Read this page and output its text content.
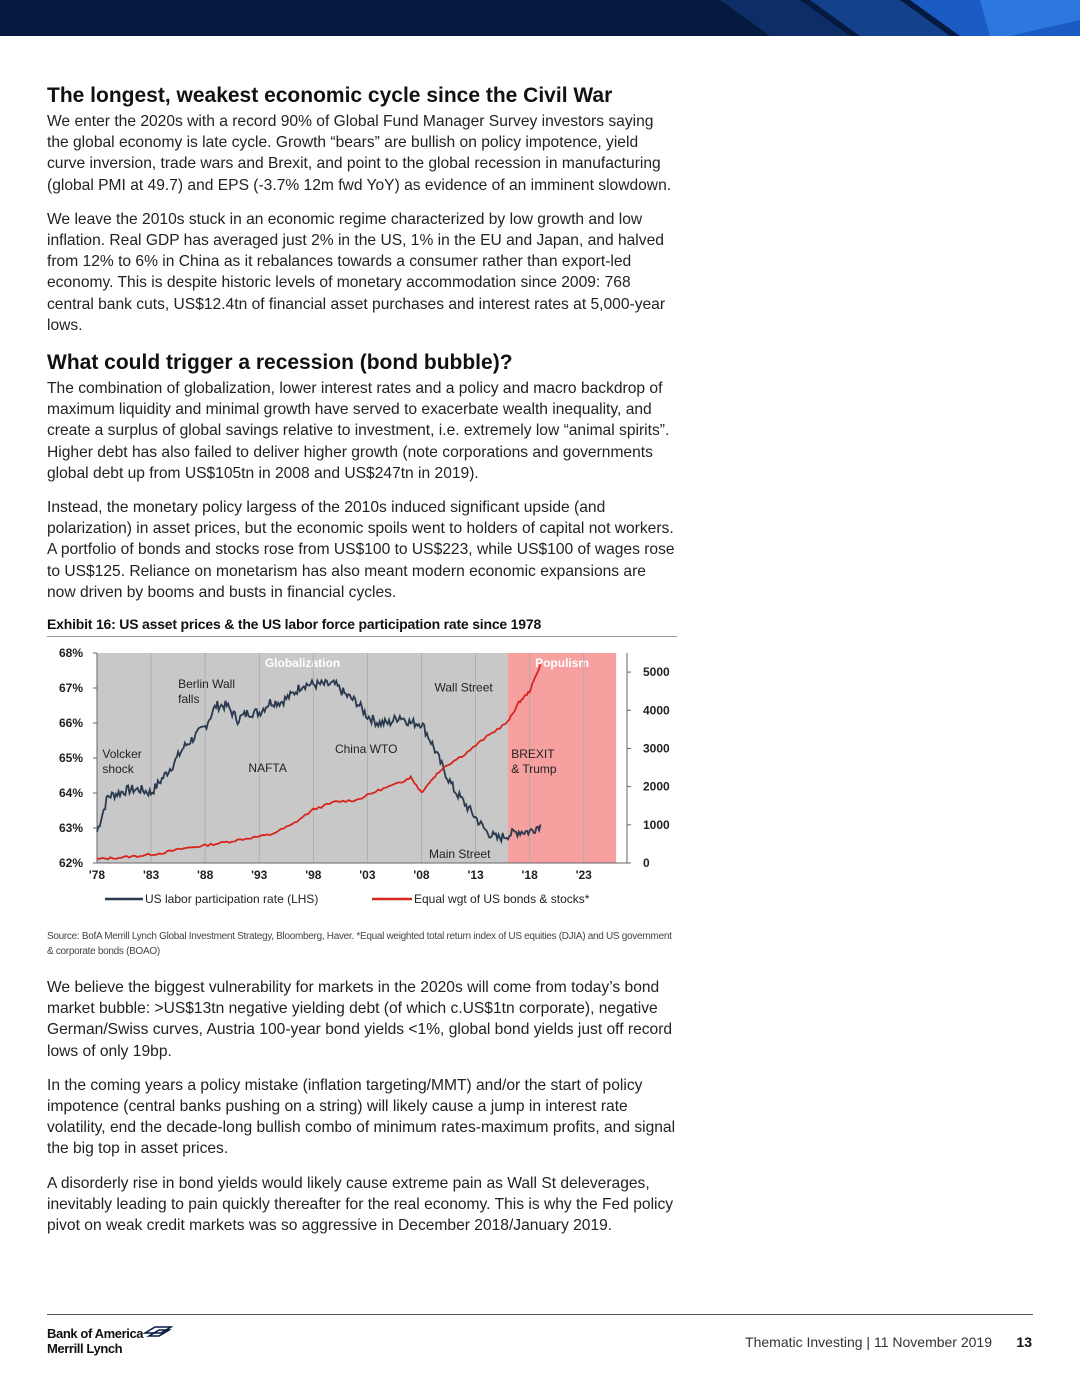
The longest, weakest economic cycle since the Civil War

We enter the 2020s with a record 90% of Global Fund Manager Survey investors saying the global economy is late cycle. Growth “bears” are bullish on policy impotence, yield curve inversion, trade wars and Brexit, and point to the global recession in manufacturing (global PMI at 49.7) and EPS (-3.7% 12m fwd YoY) as evidence of an imminent slowdown.

We leave the 2010s stuck in an economic regime characterized by low growth and low inflation. Real GDP has averaged just 2% in the US, 1% in the EU and Japan, and halved from 12% to 6% in China as it rebalances towards a consumer rather than export-led economy. This is despite historic levels of monetary accommodation since 2009: 768 central bank cuts, US$12.4tn of financial asset purchases and interest rates at 5,000-year lows.

What could trigger a recession (bond bubble)?

The combination of globalization, lower interest rates and a policy and macro backdrop of maximum liquidity and minimal growth have served to exacerbate wealth inequality, and create a surplus of global savings relative to investment, i.e. extremely low “animal spirits”. Higher debt has also failed to deliver higher growth (note corporations and governments global debt up from US$105tn in 2008 and US$247tn in 2019).

Instead, the monetary policy largess of the 2010s induced significant upside (and polarization) in asset prices, but the economic spoils went to holders of capital not workers. A portfolio of bonds and stocks rose from US$100 to US$223, while US$100 of wages rose to US$125. Reliance on monetarism has also meant modern economic expansions are now driven by booms and busts in financial cycles.

Exhibit 16: US asset prices & the US labor force participation rate since 1978
Globalization	Populism
62%
63%
64%
65%
66%
67%
68%
0
1000
2000
3000
4000
5000
'78	'83	'88	'93	'98	'03	'08	'13	'18	'23
Volcker
shock
Berlin Wall
falls
NAFTA
China WTO
Wall Street
Main Street
BREXIT
& Trump
US labor participation rate (LHS)	Equal wgt of US bonds & stocks*
Source: BofA Merrill Lynch Global Investment Strategy, Bloomberg, Haver. *Equal weighted total return index of US equities (DJIA) and US government & corporate bonds (BOAO)

We believe the biggest vulnerability for markets in the 2020s will come from today’s bond market bubble: >US$13tn negative yielding debt (of which c.US$1tn corporate), negative German/Swiss curves, Austria 100-year bond yields <1%, global bond yields just off record lows of only 19bp.

In the coming years a policy mistake (inflation targeting/MMT) and/or the start of policy impotence (central banks pushing on a string) will likely cause a jump in interest rate volatility, end the decade-long bullish combo of minimum rates-maximum profits, and signal the big top in asset prices.

A disorderly rise in bond yields would likely cause extreme pain as Wall St deleverages, inevitably leading to pain quickly thereafter for the real economy. This is why the Fed policy pivot on weak credit markets was so aggressive in December 2018/January 2019.

Bank of America
Merrill Lynch	Thematic Investing | 11 November 2019 13
